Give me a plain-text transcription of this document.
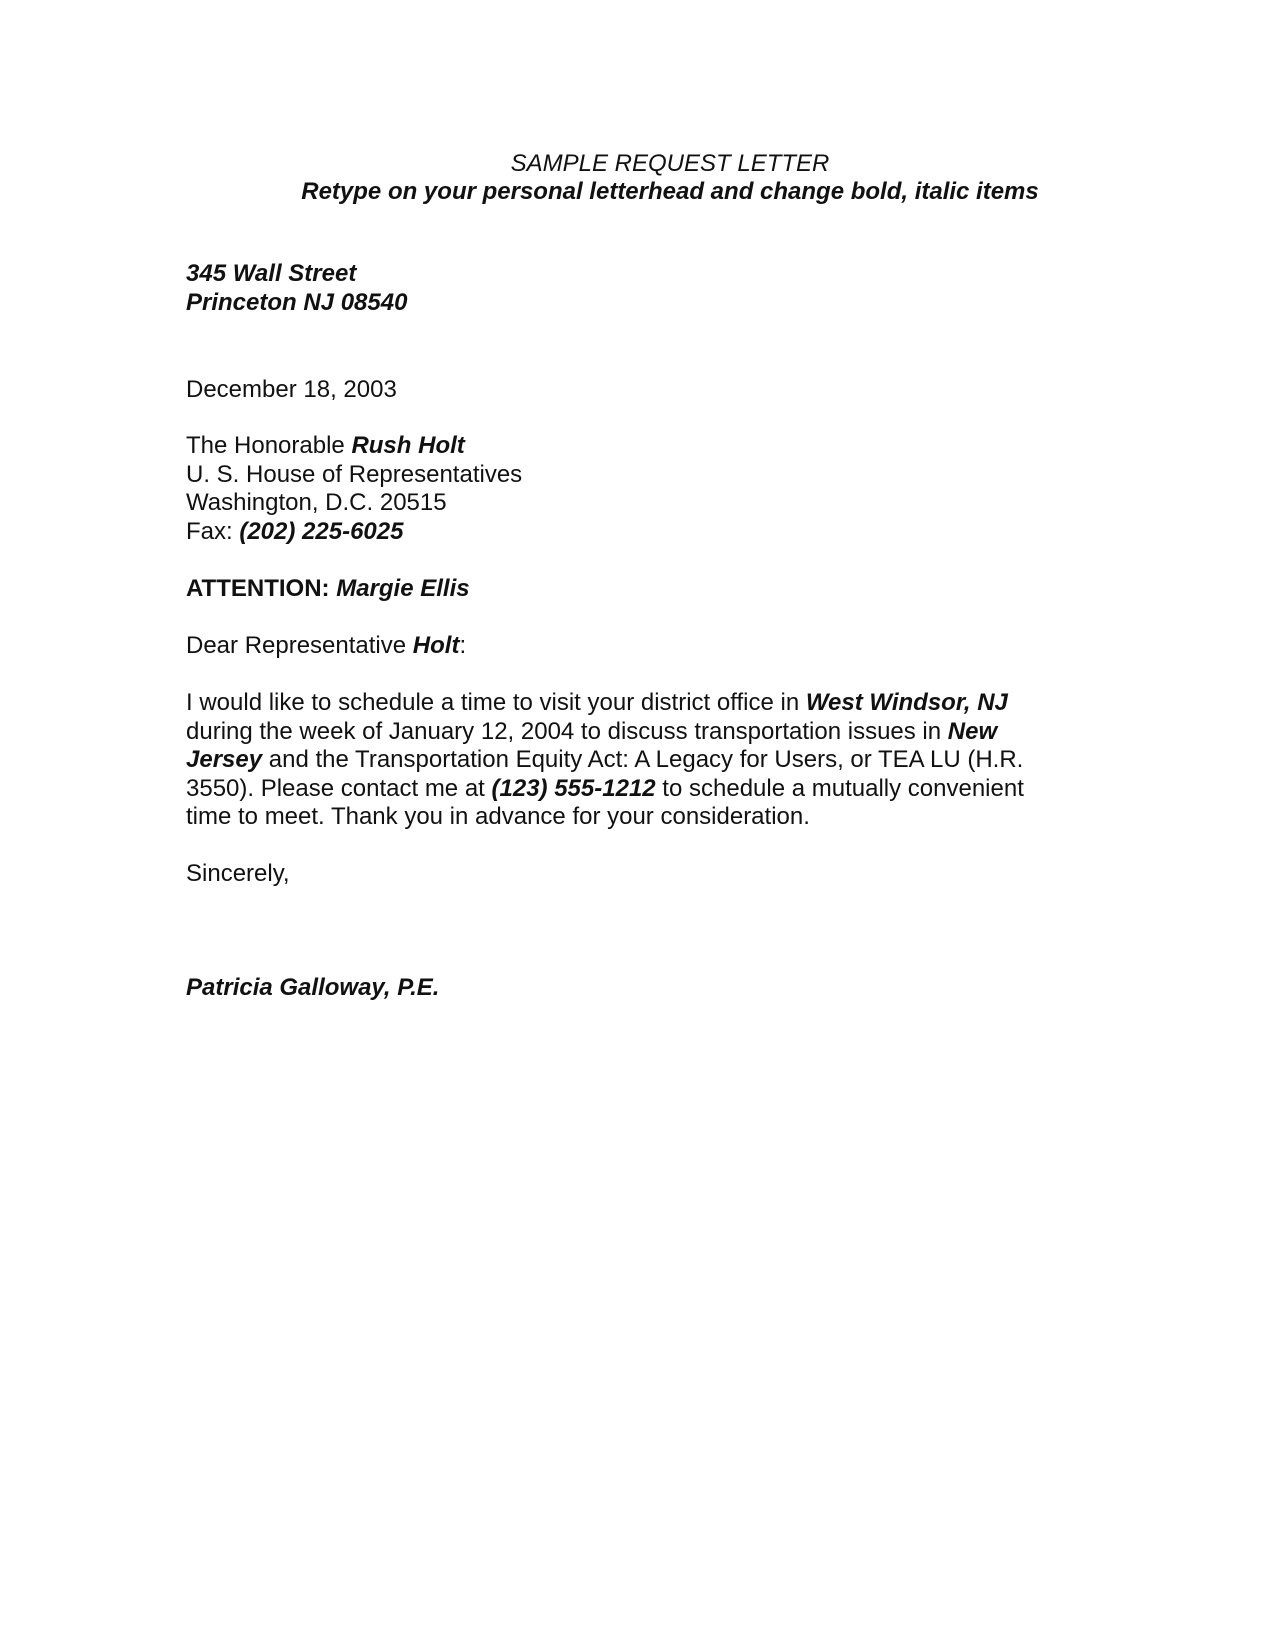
SAMPLE REQUEST LETTER
Retype on your personal letterhead and change bold, italic items
345 Wall Street
Princeton NJ 08540
December 18, 2003
The Honorable Rush Holt
U. S. House of Representatives
Washington, D.C. 20515
Fax: (202) 225-6025
ATTENTION: Margie Ellis
Dear Representative Holt:
I would like to schedule a time to visit your district office in West Windsor, NJ
during the week of January 12, 2004 to discuss transportation issues in New
Jersey and the Transportation Equity Act: A Legacy for Users, or TEA LU (H.R.
3550). Please contact me at (123) 555-1212 to schedule a mutually convenient
time to meet. Thank you in advance for your consideration.
Sincerely,
Patricia Galloway, P.E.
